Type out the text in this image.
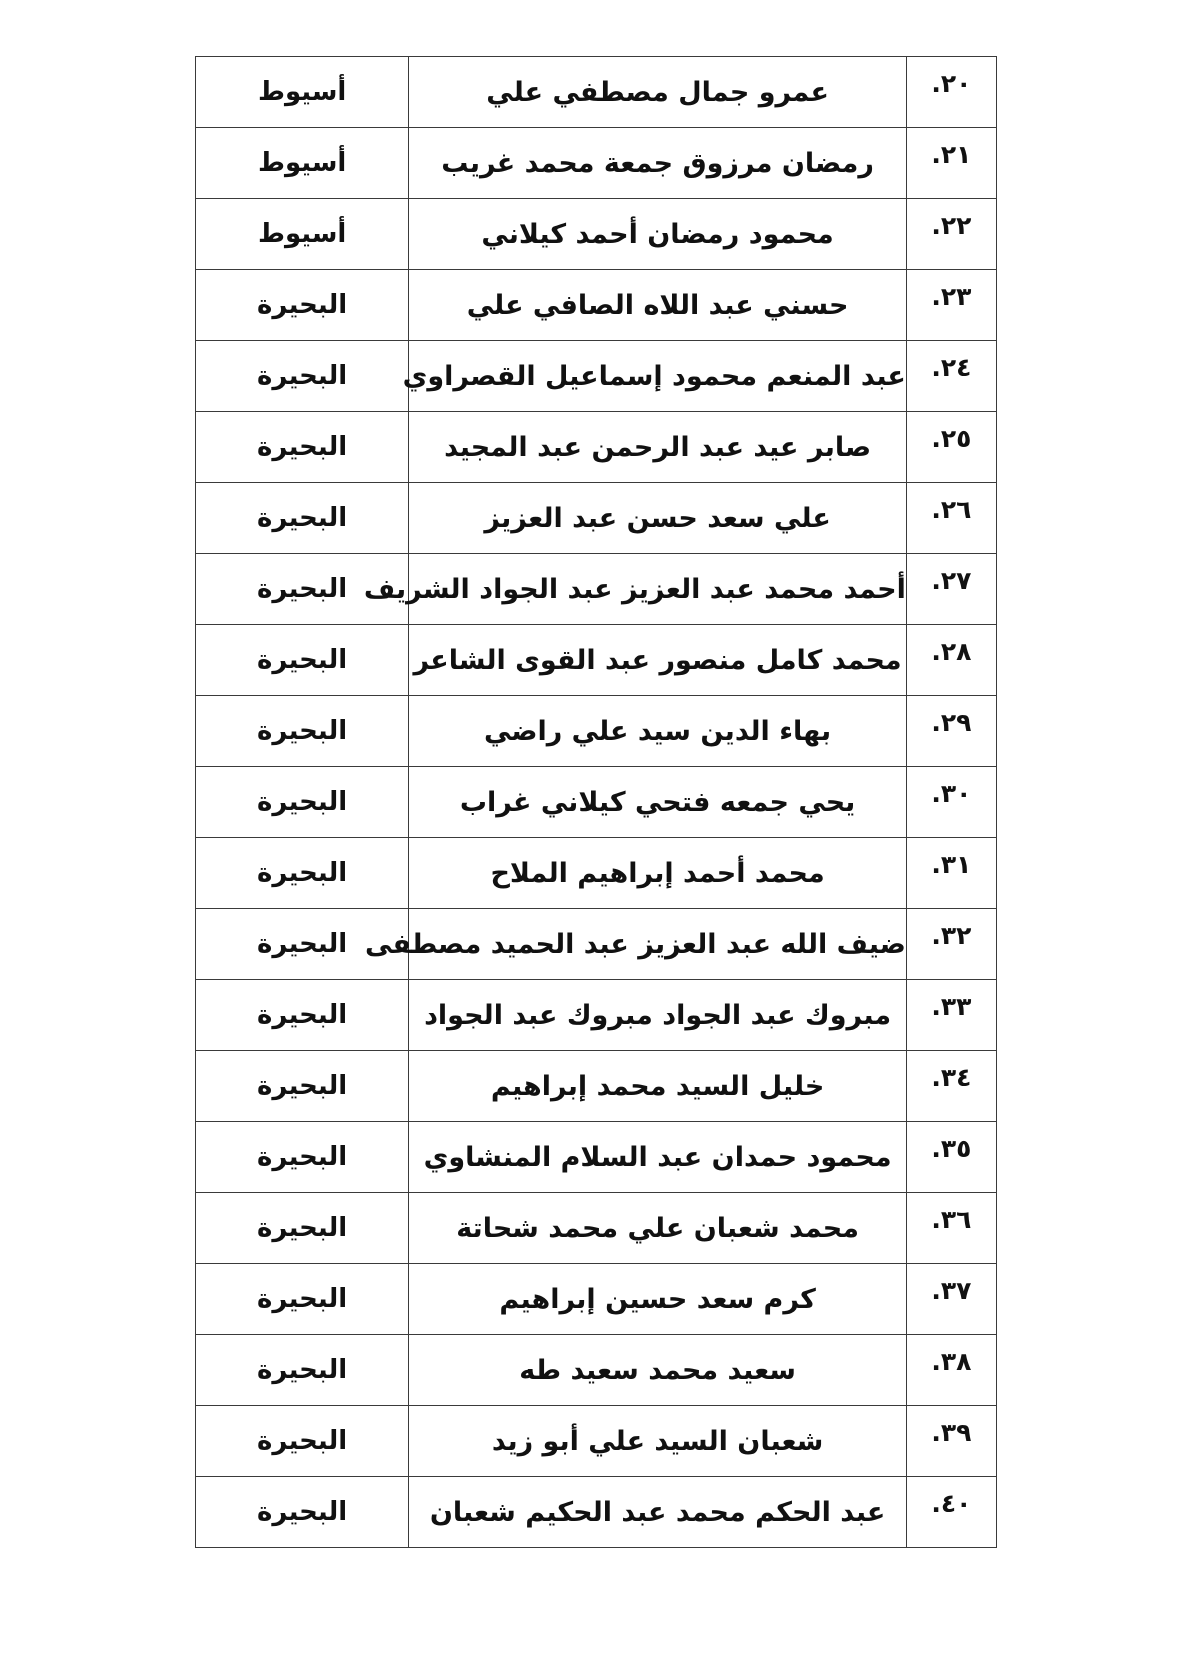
٢٠.	عمرو جمال مصطفي علي	أسيوط
٢١.	رمضان مرزوق جمعة محمد غريب	أسيوط
٢٢.	محمود رمضان أحمد كيلاني	أسيوط
٢٣.	حسني عبد اللاه الصافي علي	البحيرة
٢٤.	عبد المنعم محمود إسماعيل القصراوي	البحيرة
٢٥.	صابر عيد عبد الرحمن عبد المجيد	البحيرة
٢٦.	علي سعد حسن عبد العزيز	البحيرة
٢٧.	أحمد محمد عبد العزيز عبد الجواد الشريف	البحيرة
٢٨.	محمد كامل منصور عبد القوى الشاعر	البحيرة
٢٩.	بهاء الدين سيد علي راضي	البحيرة
٣٠.	يحي جمعه فتحي كيلاني غراب	البحيرة
٣١.	محمد أحمد إبراهيم الملاح	البحيرة
٣٢.	ضيف الله عبد العزيز عبد الحميد مصطفى	البحيرة
٣٣.	مبروك عبد الجواد مبروك عبد الجواد	البحيرة
٣٤.	خليل السيد محمد إبراهيم	البحيرة
٣٥.	محمود حمدان عبد السلام المنشاوي	البحيرة
٣٦.	محمد شعبان علي محمد شحاتة	البحيرة
٣٧.	كرم سعد حسين إبراهيم	البحيرة
٣٨.	سعيد محمد سعيد طه	البحيرة
٣٩.	شعبان السيد علي أبو زيد	البحيرة
٤٠.	عبد الحكم محمد عبد الحكيم شعبان	البحيرة
